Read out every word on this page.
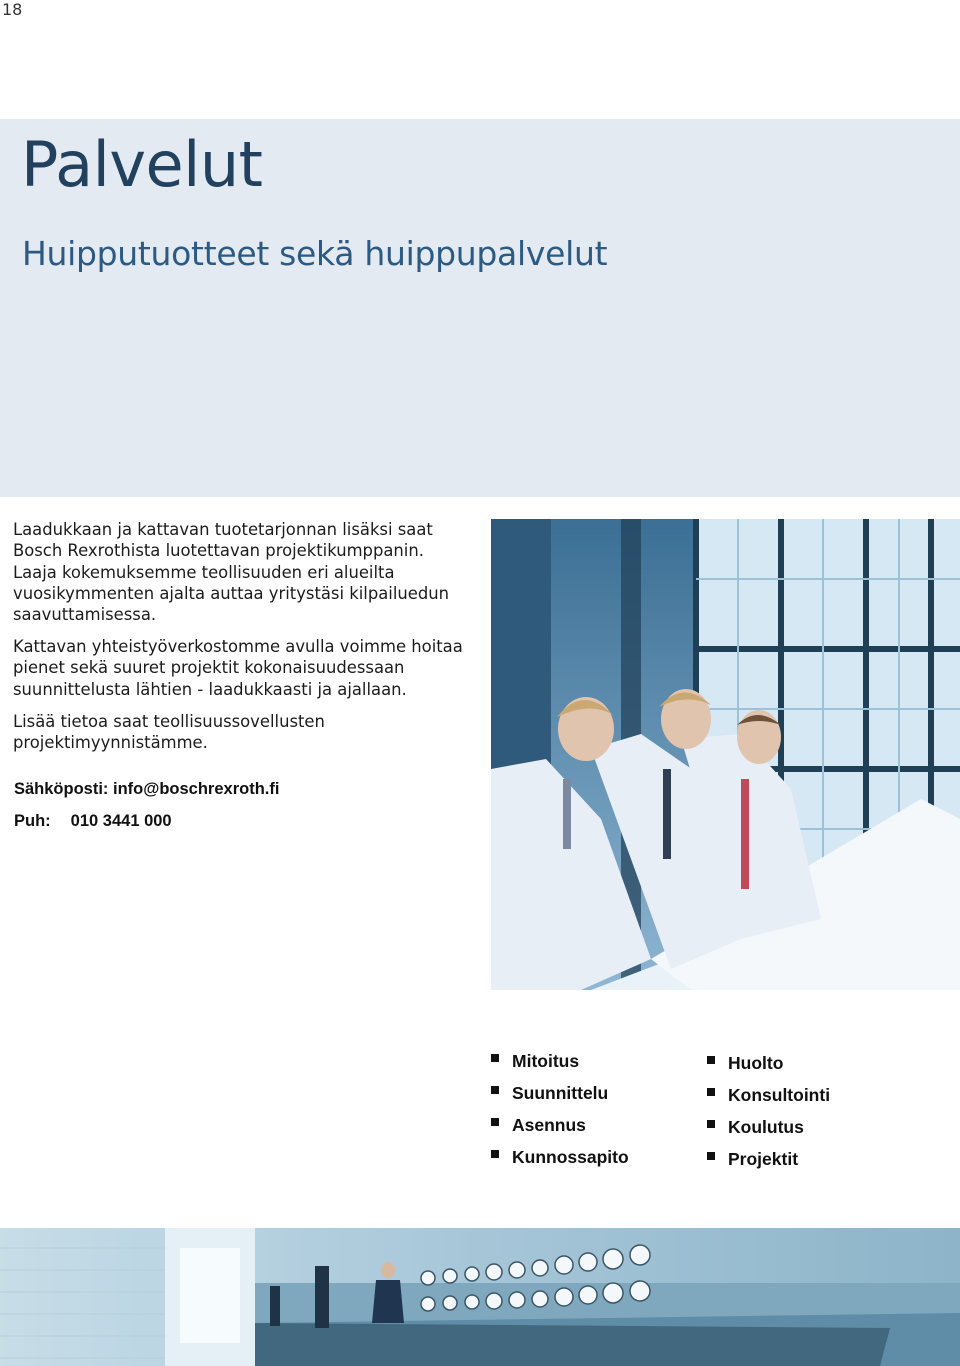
18
Palvelut
Huipputuotteet sekä huippupalvelut
Laadukkaan ja kattavan tuotetarjonnan lisäksi saat
Bosch Rexrothista luotettavan projektikumppanin.
Laaja kokemuksemme teollisuuden eri alueilta
vuosikymmenten ajalta auttaa yritystäsi kilpailuedun
saavuttamisessa.
Kattavan yhteistyöverkostomme avulla voimme hoitaa
pienet sekä suuret projektit kokonaisuudessaan
suunnittelusta lähtien - laadukkaasti ja ajallaan.
Lisää tietoa saat teollisuussovellusten
projektimyynnistämme.
Sähköposti: info@boschrexroth.fi
Puh: 010 3441 000
Mitoitus
Suunnittelu
Asennus
Kunnossapito
Huolto
Konsultointi
Koulutus
Projektit
